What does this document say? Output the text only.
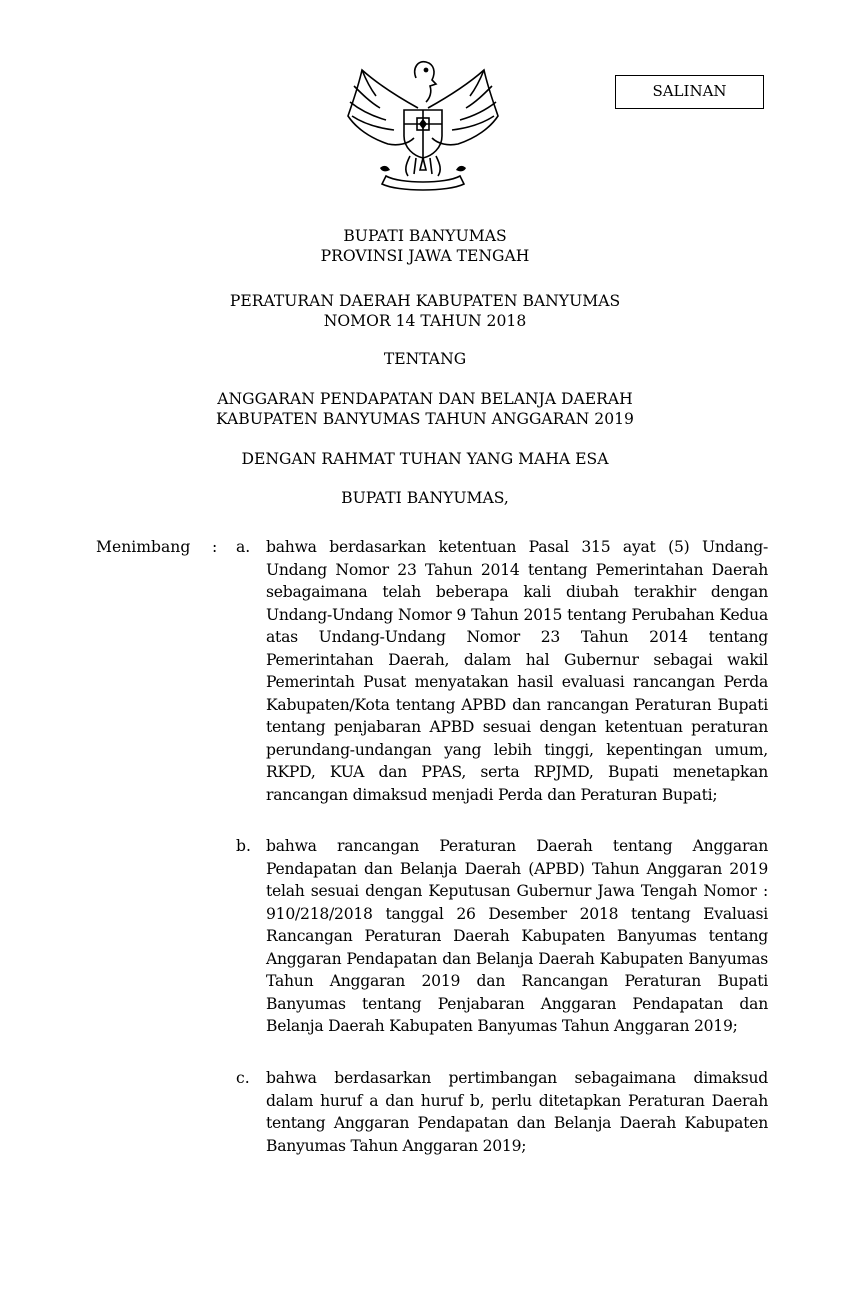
SALINAN
BUPATI BANYUMAS
PROVINSI JAWA TENGAH
PERATURAN DAERAH KABUPATEN BANYUMAS
NOMOR 14 TAHUN 2018
TENTANG
ANGGARAN PENDAPATAN DAN BELANJA DAERAH
KABUPATEN BANYUMAS TAHUN ANGGARAN 2019
DENGAN RAHMAT TUHAN YANG MAHA ESA
BUPATI BANYUMAS,
Menimbang : a. bahwa berdasarkan ketentuan Pasal 315 ayat (5) Undang-Undang Nomor 23 Tahun 2014 tentang Pemerintahan Daerah sebagaimana telah beberapa kali diubah terakhir dengan Undang-Undang Nomor 9 Tahun 2015 tentang Perubahan Kedua atas Undang-Undang Nomor 23 Tahun 2014 tentang Pemerintahan Daerah, dalam hal Gubernur sebagai wakil Pemerintah Pusat menyatakan hasil evaluasi rancangan Perda Kabupaten/Kota tentang APBD dan rancangan Peraturan Bupati tentang penjabaran APBD sesuai dengan ketentuan peraturan perundang-undangan yang lebih tinggi, kepentingan umum, RKPD, KUA dan PPAS, serta RPJMD, Bupati menetapkan rancangan dimaksud menjadi Perda dan Peraturan Bupati;
b. bahwa rancangan Peraturan Daerah tentang Anggaran Pendapatan dan Belanja Daerah (APBD) Tahun Anggaran 2019 telah sesuai dengan Keputusan Gubernur Jawa Tengah Nomor : 910/218/2018 tanggal 26 Desember 2018 tentang Evaluasi Rancangan Peraturan Daerah Kabupaten Banyumas tentang Anggaran Pendapatan dan Belanja Daerah Kabupaten Banyumas Tahun Anggaran 2019 dan Rancangan Peraturan Bupati Banyumas tentang Penjabaran Anggaran Pendapatan dan Belanja Daerah Kabupaten Banyumas Tahun Anggaran 2019;
c. bahwa berdasarkan pertimbangan sebagaimana dimaksud dalam huruf a dan huruf b, perlu ditetapkan Peraturan Daerah tentang Anggaran Pendapatan dan Belanja Daerah Kabupaten Banyumas Tahun Anggaran 2019;
